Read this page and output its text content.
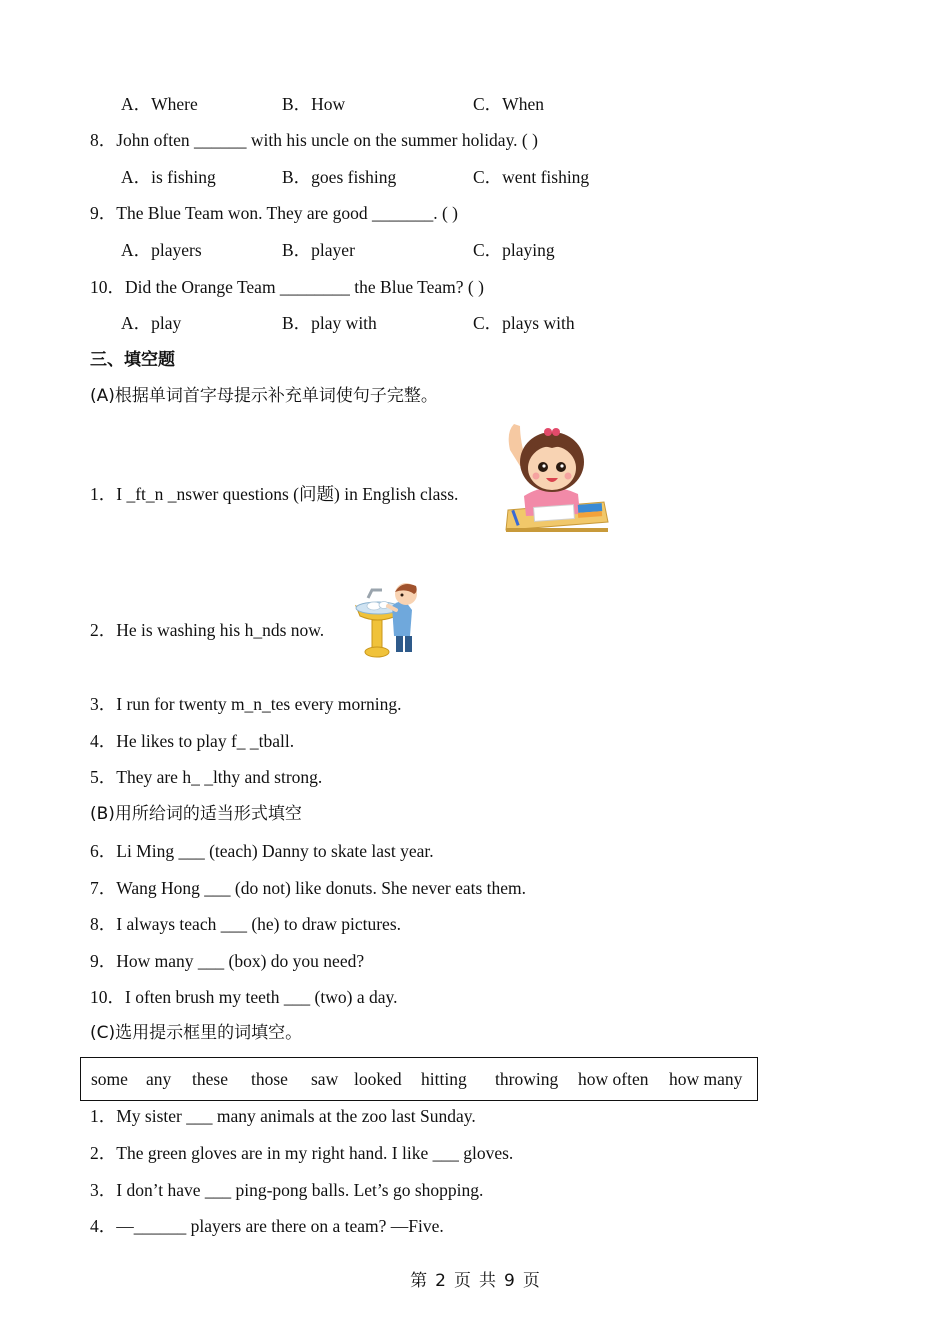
A．Where	B．How	C．When
8．John often ______ with his uncle on the summer holiday. ( )
A．is fishing	B．goes fishing	C．went fishing
9．The Blue Team won. They are good _______. ( )
A．players	B．player	C．playing
10．Did the Orange Team ________ the Blue Team? ( )
A．play	B．play with	C．plays with
三、填空题
(A)根据单词首字母提示补充单词使句子完整。
1．I _ft_n _nswer questions (问题) in English class.
2．He is washing his h_nds now.
3．I run for twenty m_n_tes every morning.
4．He likes to play f_ _tball.
5．They are h_ _lthy and strong.
(B)用所给词的适当形式填空
6．Li Ming ___ (teach) Danny to skate last year.
7．Wang Hong ___ (do not) like donuts. She never eats them.
8．I always teach ___ (he) to draw pictures.
9．How many ___ (box) do you need?
10．I often brush my teeth ___ (two) a day.
(C)选用提示框里的词填空。
some any these those saw looked hitting throwing how often how many
1．My sister ___ many animals at the zoo last Sunday.
2．The green gloves are in my right hand. I like ___ gloves.
3．I don’t have ___ ping-pong balls. Let’s go shopping.
4．—______ players are there on a team? —Five.
第 2 页 共 9 页
